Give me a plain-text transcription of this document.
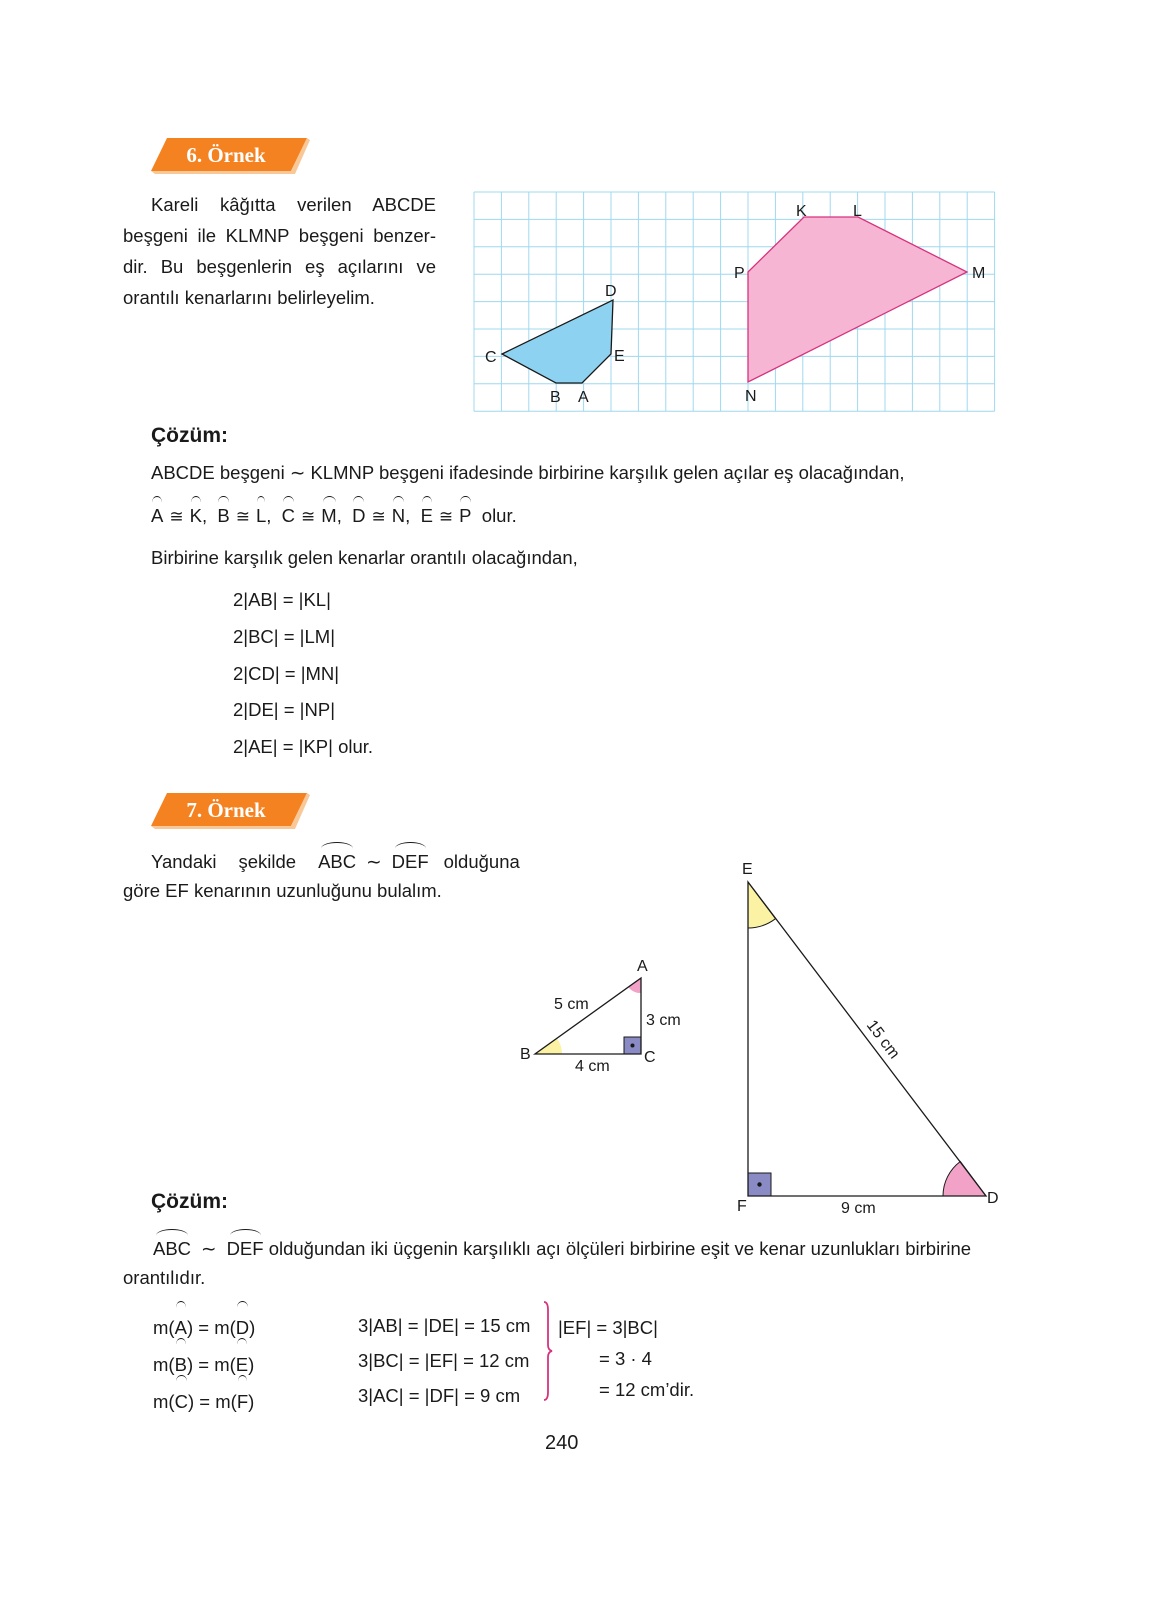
6. Örnek
Kareli kâğıtta verilen ABCDE
beşgeni ile KLMNP beşgeni benzer-
dir. Bu beşgenlerin eş açılarını ve
orantılı kenarlarını belirleyelim.
K	L
M
N
P
A
B
C
D
E
Çözüm:
ABCDE beşgeni ∼ KLMNP beşgeni ifadesinde birbirine karşılık gelen açılar eş olacağından,
A ≅ K, B ≅ L, C ≅ M, D ≅ N, E ≅ P olur.
Birbirine karşılık gelen kenarlar orantılı olacağından,
2|AB| = |KL|
2|BC| = |LM|
2|CD| = |MN|
2|DE| = |NP|
2|AE| = |KP| olur.
7. Örnek
Yandaki şekilde ABC ∼ DEF olduğuna
göre EF kenarının uzunluğunu bulalım.
A
B	C
5 cm
3 cm
4 cm
E
F	D
9 cm
15 cm
Çözüm:
ABC ∼ DEF olduğundan iki üçgenin karşılıklı açı ölçüleri birbirine eşit ve kenar uzunlukları birbirine
orantılıdır.
m(A) = m(D)
m(B) = m(E)
m(C) = m(F)
3|AB| = |DE| = 15 cm
3|BC| = |EF| = 12 cm
3|AC| = |DF| = 9 cm
|EF| = 3|BC|
= 3 · 4
= 12 cm’dir.
240
